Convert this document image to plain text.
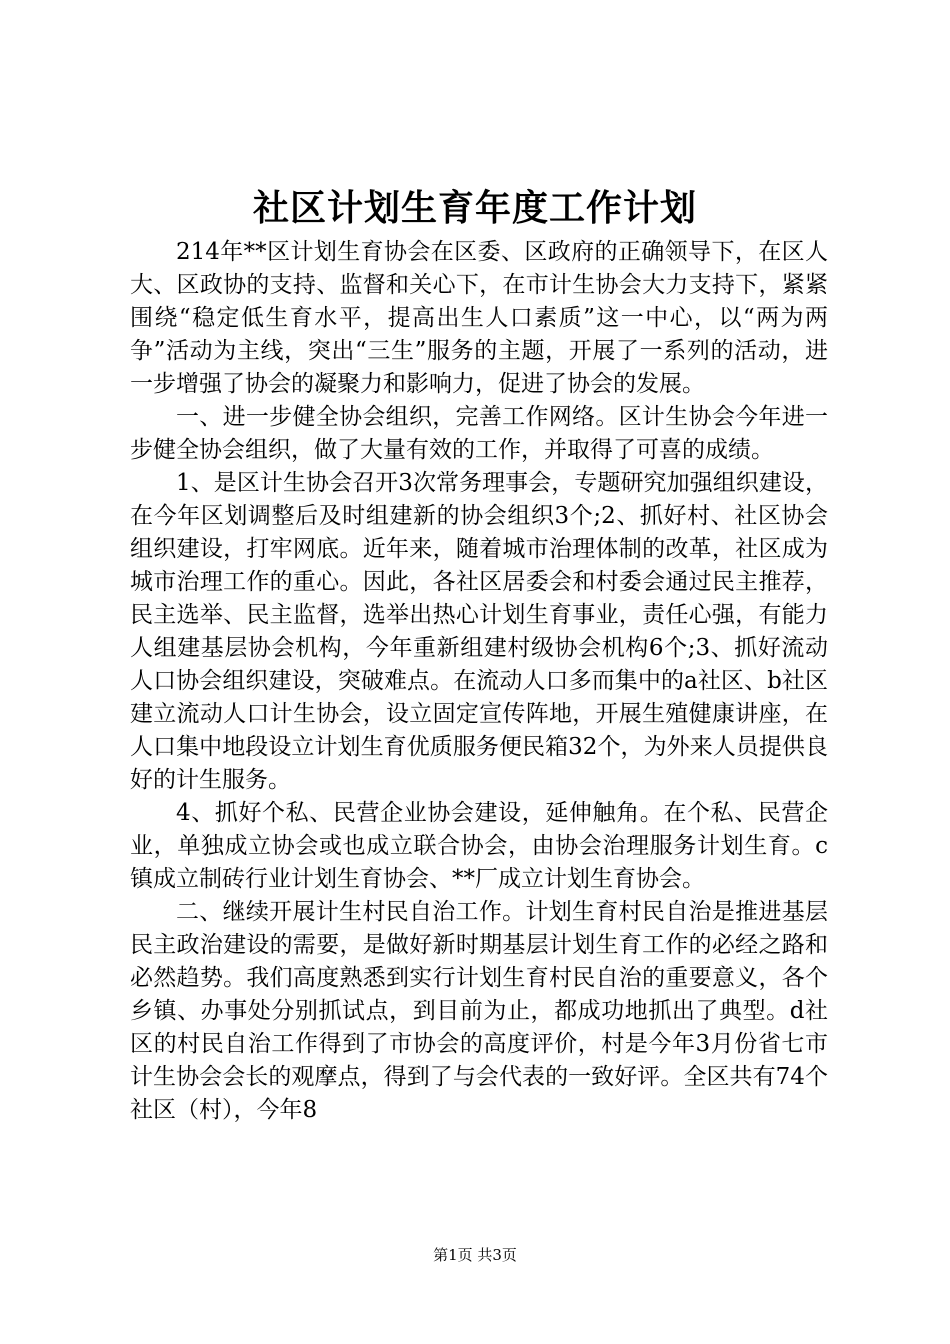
社区计划生育年度工作计划

214年**区计划生育协会在区委、区政府的正确领导下，在区人大、区政协的支持、监督和关心下，在市计生协会大力支持下，紧紧围绕“稳定低生育水平，提高出生人口素质”这一中心，以“两为两争”活动为主线，突出“三生”服务的主题，开展了一系列的活动，进一步增强了协会的凝聚力和影响力，促进了协会的发展。

一、进一步健全协会组织，完善工作网络。区计生协会今年进一步健全协会组织，做了大量有效的工作，并取得了可喜的成绩。

1、是区计生协会召开3次常务理事会，专题研究加强组织建设，在今年区划调整后及时组建新的协会组织3个;2、抓好村、社区协会组织建设，打牢网底。近年来，随着城市治理体制的改革，社区成为城市治理工作的重心。因此，各社区居委会和村委会通过民主推荐，民主选举、民主监督，选举出热心计划生育事业，责任心强，有能力人组建基层协会机构，今年重新组建村级协会机构6个;3、抓好流动人口协会组织建设，突破难点。在流动人口多而集中的a社区、b社区建立流动人口计生协会，设立固定宣传阵地，开展生殖健康讲座，在人口集中地段设立计划生育优质服务便民箱32个，为外来人员提供良好的计生服务。

4、抓好个私、民营企业协会建设，延伸触角。在个私、民营企业，单独成立协会或也成立联合协会，由协会治理服务计划生育。c镇成立制砖行业计划生育协会、**厂成立计划生育协会。

二、继续开展计生村民自治工作。计划生育村民自治是推进基层民主政治建设的需要，是做好新时期基层计划生育工作的必经之路和必然趋势。我们高度熟悉到实行计划生育村民自治的重要意义，各个乡镇、办事处分别抓试点，到目前为止，都成功地抓出了典型。d社区的村民自治工作得到了市协会的高度评价，村是今年3月份省七市计生协会会长的观摩点，得到了与会代表的一致好评。全区共有74个社区（村），今年8

第1页 共3页
